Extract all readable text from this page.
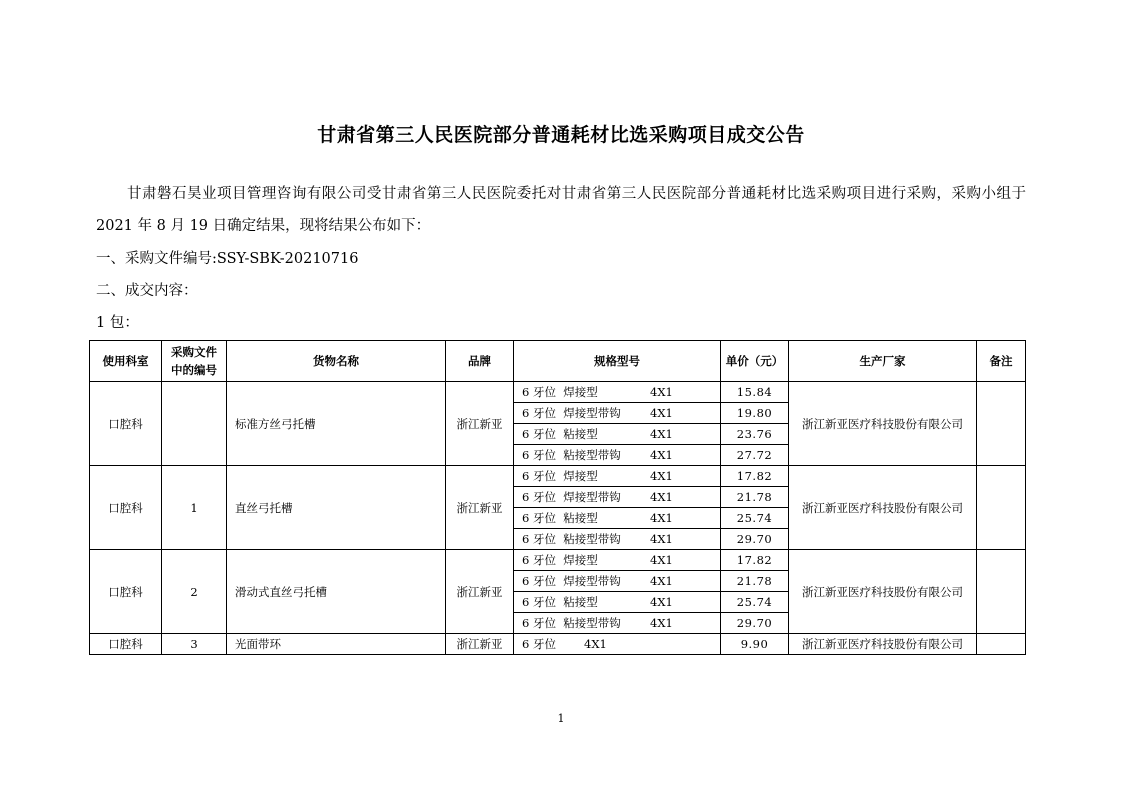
甘肃省第三人民医院部分普通耗材比选采购项目成交公告

甘肃磐石昊业项目管理咨询有限公司受甘肃省第三人民医院委托对甘肃省第三人民医院部分普通耗材比选采购项目进行采购，采购小组于 2021 年 8 月 19 日确定结果，现将结果公布如下：

一、采购文件编号:SSY-SBK-20210716
二、成交内容：
1 包：
使用科室	采购文件中的编号	货物名称	品牌	规格型号	单价（元）	生产厂家	备注
口腔科		标准方丝弓托槽	浙江新亚	6 牙位  焊接型 4X1	15.84	浙江新亚医疗科技股份有限公司	
				6 牙位  焊接型带钩 4X1	19.80		
				6 牙位  粘接型 4X1	23.76		
				6 牙位  粘接型带钩 4X1	27.72		
口腔科	1	直丝弓托槽	浙江新亚	6 牙位  焊接型 4X1	17.82	浙江新亚医疗科技股份有限公司	
				6 牙位  焊接型带钩 4X1	21.78		
				6 牙位  粘接型 4X1	25.74		
				6 牙位  粘接型带钩 4X1	29.70		
口腔科	2	滑动式直丝弓托槽	浙江新亚	6 牙位  焊接型 4X1	17.82	浙江新亚医疗科技股份有限公司	
				6 牙位  焊接型带钩 4X1	21.78		
				6 牙位  粘接型 4X1	25.74		
				6 牙位  粘接型带钩 4X1	29.70		
口腔科	3	光面带环	浙江新亚	6 牙位 4X1	9.90	浙江新亚医疗科技股份有限公司	
1
